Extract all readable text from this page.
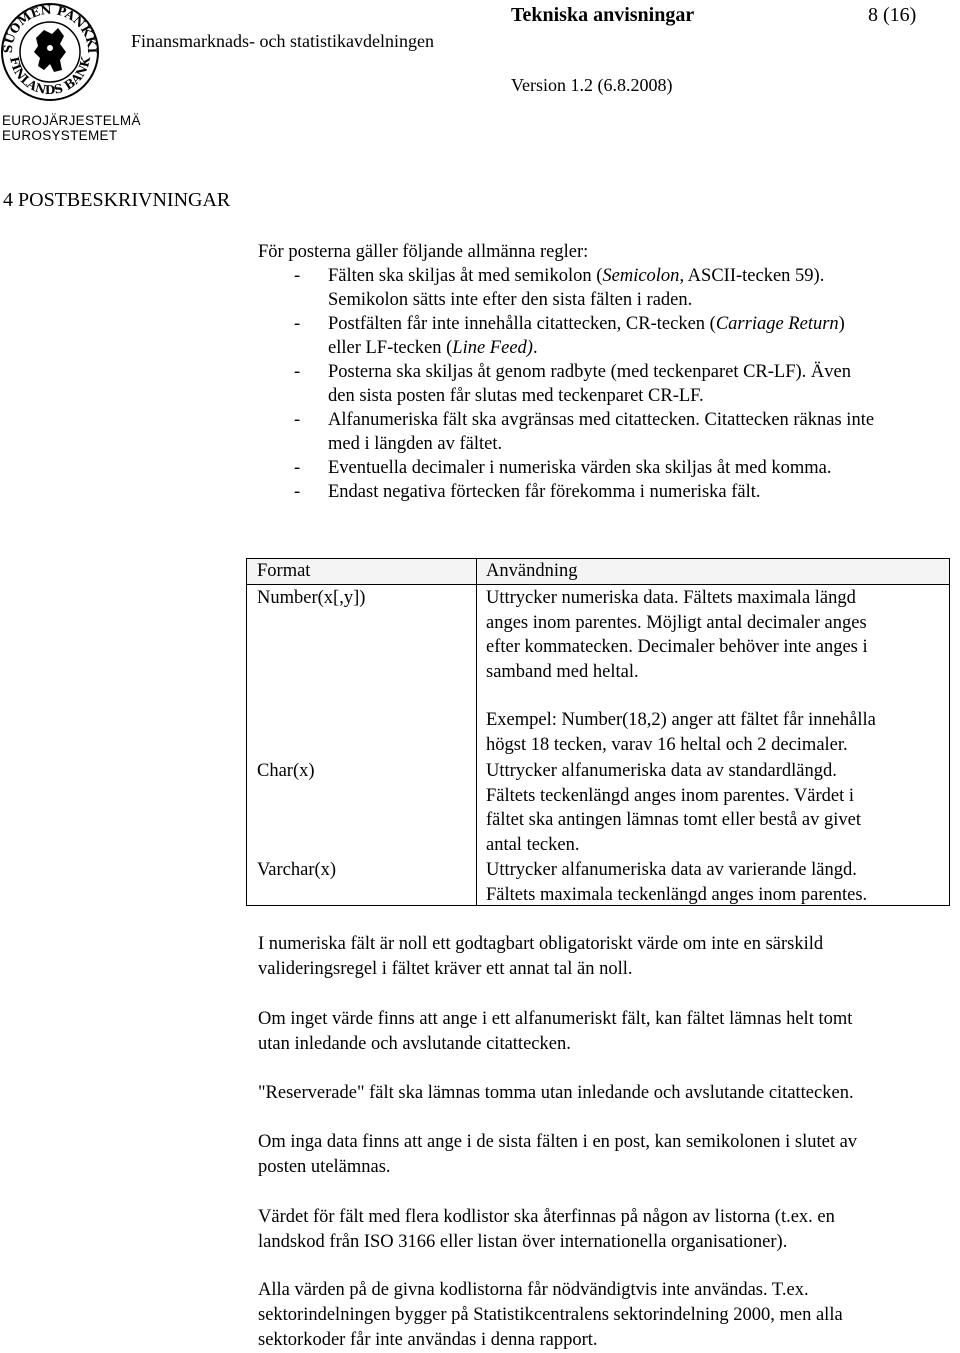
SUOMEN PANKKI
FINLANDS BANK
EUROJÄRJESTELMÄ
EUROSYSTEMET
Tekniska anvisningar	8 (16)
Finansmarknads- och statistikavdelningen
Version 1.2 (6.8.2008)
4 POSTBESKRIVNINGAR
För posterna gäller följande allmänna regler:
- Fälten ska skiljas åt med semikolon (Semicolon, ASCII-tecken 59).
Semikolon sätts inte efter den sista fälten i raden.
- Postfälten får inte innehålla citattecken, CR-tecken (Carriage Return)
eller LF-tecken (Line Feed).
- Posterna ska skiljas åt genom radbyte (med teckenparet CR-LF). Även
den sista posten får slutas med teckenparet CR-LF.
- Alfanumeriska fält ska avgränsas med citattecken. Citattecken räknas inte
med i längden av fältet.
- Eventuella decimaler i numeriska värden ska skiljas åt med komma.
- Endast negativa förtecken får förekomma i numeriska fält.
Format	Användning
Number(x[,y])	Uttrycker numeriska data. Fältets maximala längd
anges inom parentes. Möjligt antal decimaler anges
efter kommatecken. Decimaler behöver inte anges i
samband med heltal.
Exempel: Number(18,2) anger att fältet får innehålla
högst 18 tecken, varav 16 heltal och 2 decimaler.
Char(x)	Uttrycker alfanumeriska data av standardlängd.
Fältets teckenlängd anges inom parentes. Värdet i
fältet ska antingen lämnas tomt eller bestå av givet
antal tecken.
Varchar(x)	Uttrycker alfanumeriska data av varierande längd.
Fältets maximala teckenlängd anges inom parentes.
I numeriska fält är noll ett godtagbart obligatoriskt värde om inte en särskild
valideringsregel i fältet kräver ett annat tal än noll.
Om inget värde finns att ange i ett alfanumeriskt fält, kan fältet lämnas helt tomt
utan inledande och avslutande citattecken.
"Reserverade" fält ska lämnas tomma utan inledande och avslutande citattecken.
Om inga data finns att ange i de sista fälten i en post, kan semikolonen i slutet av
posten utelämnas.
Värdet för fält med flera kodlistor ska återfinnas på någon av listorna (t.ex. en
landskod från ISO 3166 eller listan över internationella organisationer).
Alla värden på de givna kodlistorna får nödvändigtvis inte användas. T.ex.
sektorindelningen bygger på Statistikcentralens sektorindelning 2000, men alla
sektorkoder får inte användas i denna rapport.
